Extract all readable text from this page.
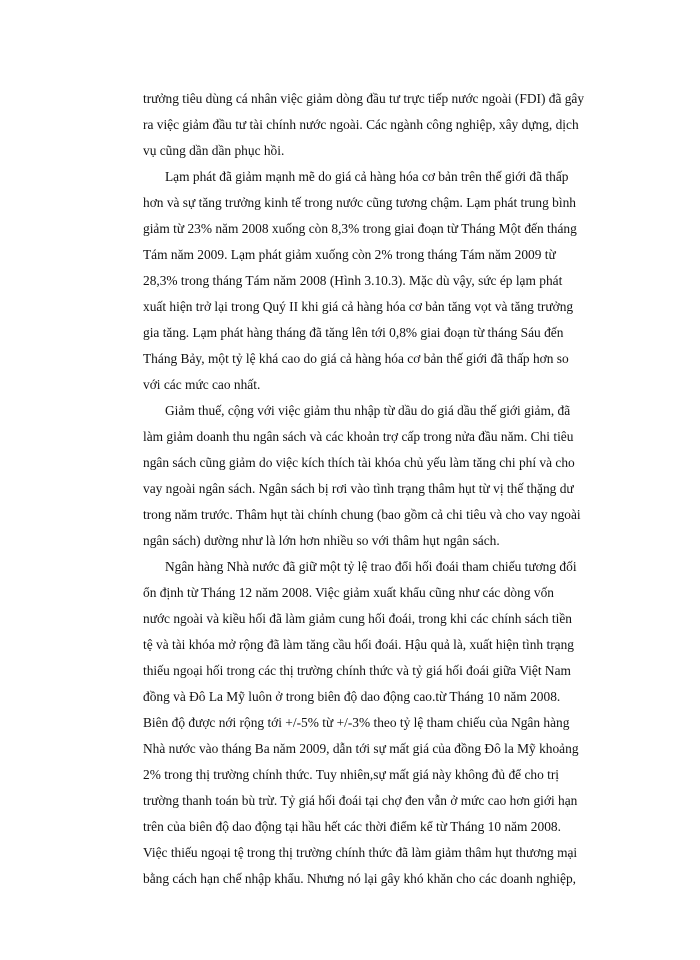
trưởng tiêu dùng cá nhân việc giảm dòng đầu tư trực tiếp nước ngoài (FDI) đã gây
ra việc giảm đầu tư tài chính nước ngoài. Các ngành công nghiệp, xây dựng, dịch
vụ cũng dần dần phục hồi.
Lạm phát đã giảm mạnh mẽ do giá cả hàng hóa cơ bản trên thế giới đã thấp
hơn và sự tăng trưởng kinh tế trong nước cũng tương chậm. Lạm phát trung bình
giảm từ 23% năm 2008 xuống còn 8,3% trong giai đoạn từ Tháng Một đến tháng
Tám năm 2009. Lạm phát giảm xuống còn 2% trong tháng Tám năm 2009 từ
28,3% trong tháng Tám năm 2008 (Hình 3.10.3). Mặc dù vậy, sức ép lạm phát
xuất hiện trở lại trong Quý II khi giá cả hàng hóa cơ bản tăng vọt và tăng trưởng
gia tăng. Lạm phát hàng tháng đã tăng lên tới 0,8% giai đoạn từ tháng Sáu đến
Tháng Bảy, một tỷ lệ khá cao do giá cả hàng hóa cơ bản thế giới đã thấp hơn so
với các mức cao nhất.
Giảm thuế, cộng với việc giảm thu nhập từ dầu do giá dầu thế giới giảm, đã
làm giảm doanh thu ngân sách và các khoản trợ cấp trong nửa đầu năm. Chi tiêu
ngân sách cũng giảm do việc kích thích tài khóa chủ yếu làm tăng chi phí và cho
vay ngoài ngân sách. Ngân sách bị rơi vào tình trạng thâm hụt từ vị thế thặng dư
trong năm trước. Thâm hụt tài chính chung (bao gồm cả chi tiêu và cho vay ngoài
ngân sách) dường như là lớn hơn nhiều so với thâm hụt ngân sách.
Ngân hàng Nhà nước đã giữ một tỷ lệ trao đổi hối đoái tham chiếu tương đối
ổn định từ Tháng 12 năm 2008. Việc giảm xuất khẩu cũng như các dòng vốn
nước ngoài và kiều hối đã làm giảm cung hối đoái, trong khi các chính sách tiền
tệ và tài khóa mở rộng đã làm tăng cầu hối đoái. Hậu quả là, xuất hiện tình trạng
thiếu ngoại hối trong các thị trường chính thức và tỷ giá hối đoái giữa Việt Nam
đồng và Đô La Mỹ luôn ở trong biên độ dao động cao.từ Tháng 10 năm 2008.
Biên độ được nới rộng tới +/-5% từ +/-3% theo tỷ lệ tham chiếu của Ngân hàng
Nhà nước vào tháng Ba năm 2009, dẫn tới sự mất giá của đồng Đô la Mỹ khoảng
2% trong thị trường chính thức. Tuy nhiên,sự mất giá này không đủ để cho trị
trường thanh toán bù trừ. Tỷ giá hối đoái tại chợ đen vẫn ở mức cao hơn giới hạn
trên của biên độ dao động tại hầu hết các thời điểm kể từ Tháng 10 năm 2008.
Việc thiếu ngoại tệ trong thị trường chính thức đã làm giảm thâm hụt thương mại
bằng cách hạn chế nhập khẩu. Nhưng nó lại gây khó khăn cho các doanh nghiệp,
